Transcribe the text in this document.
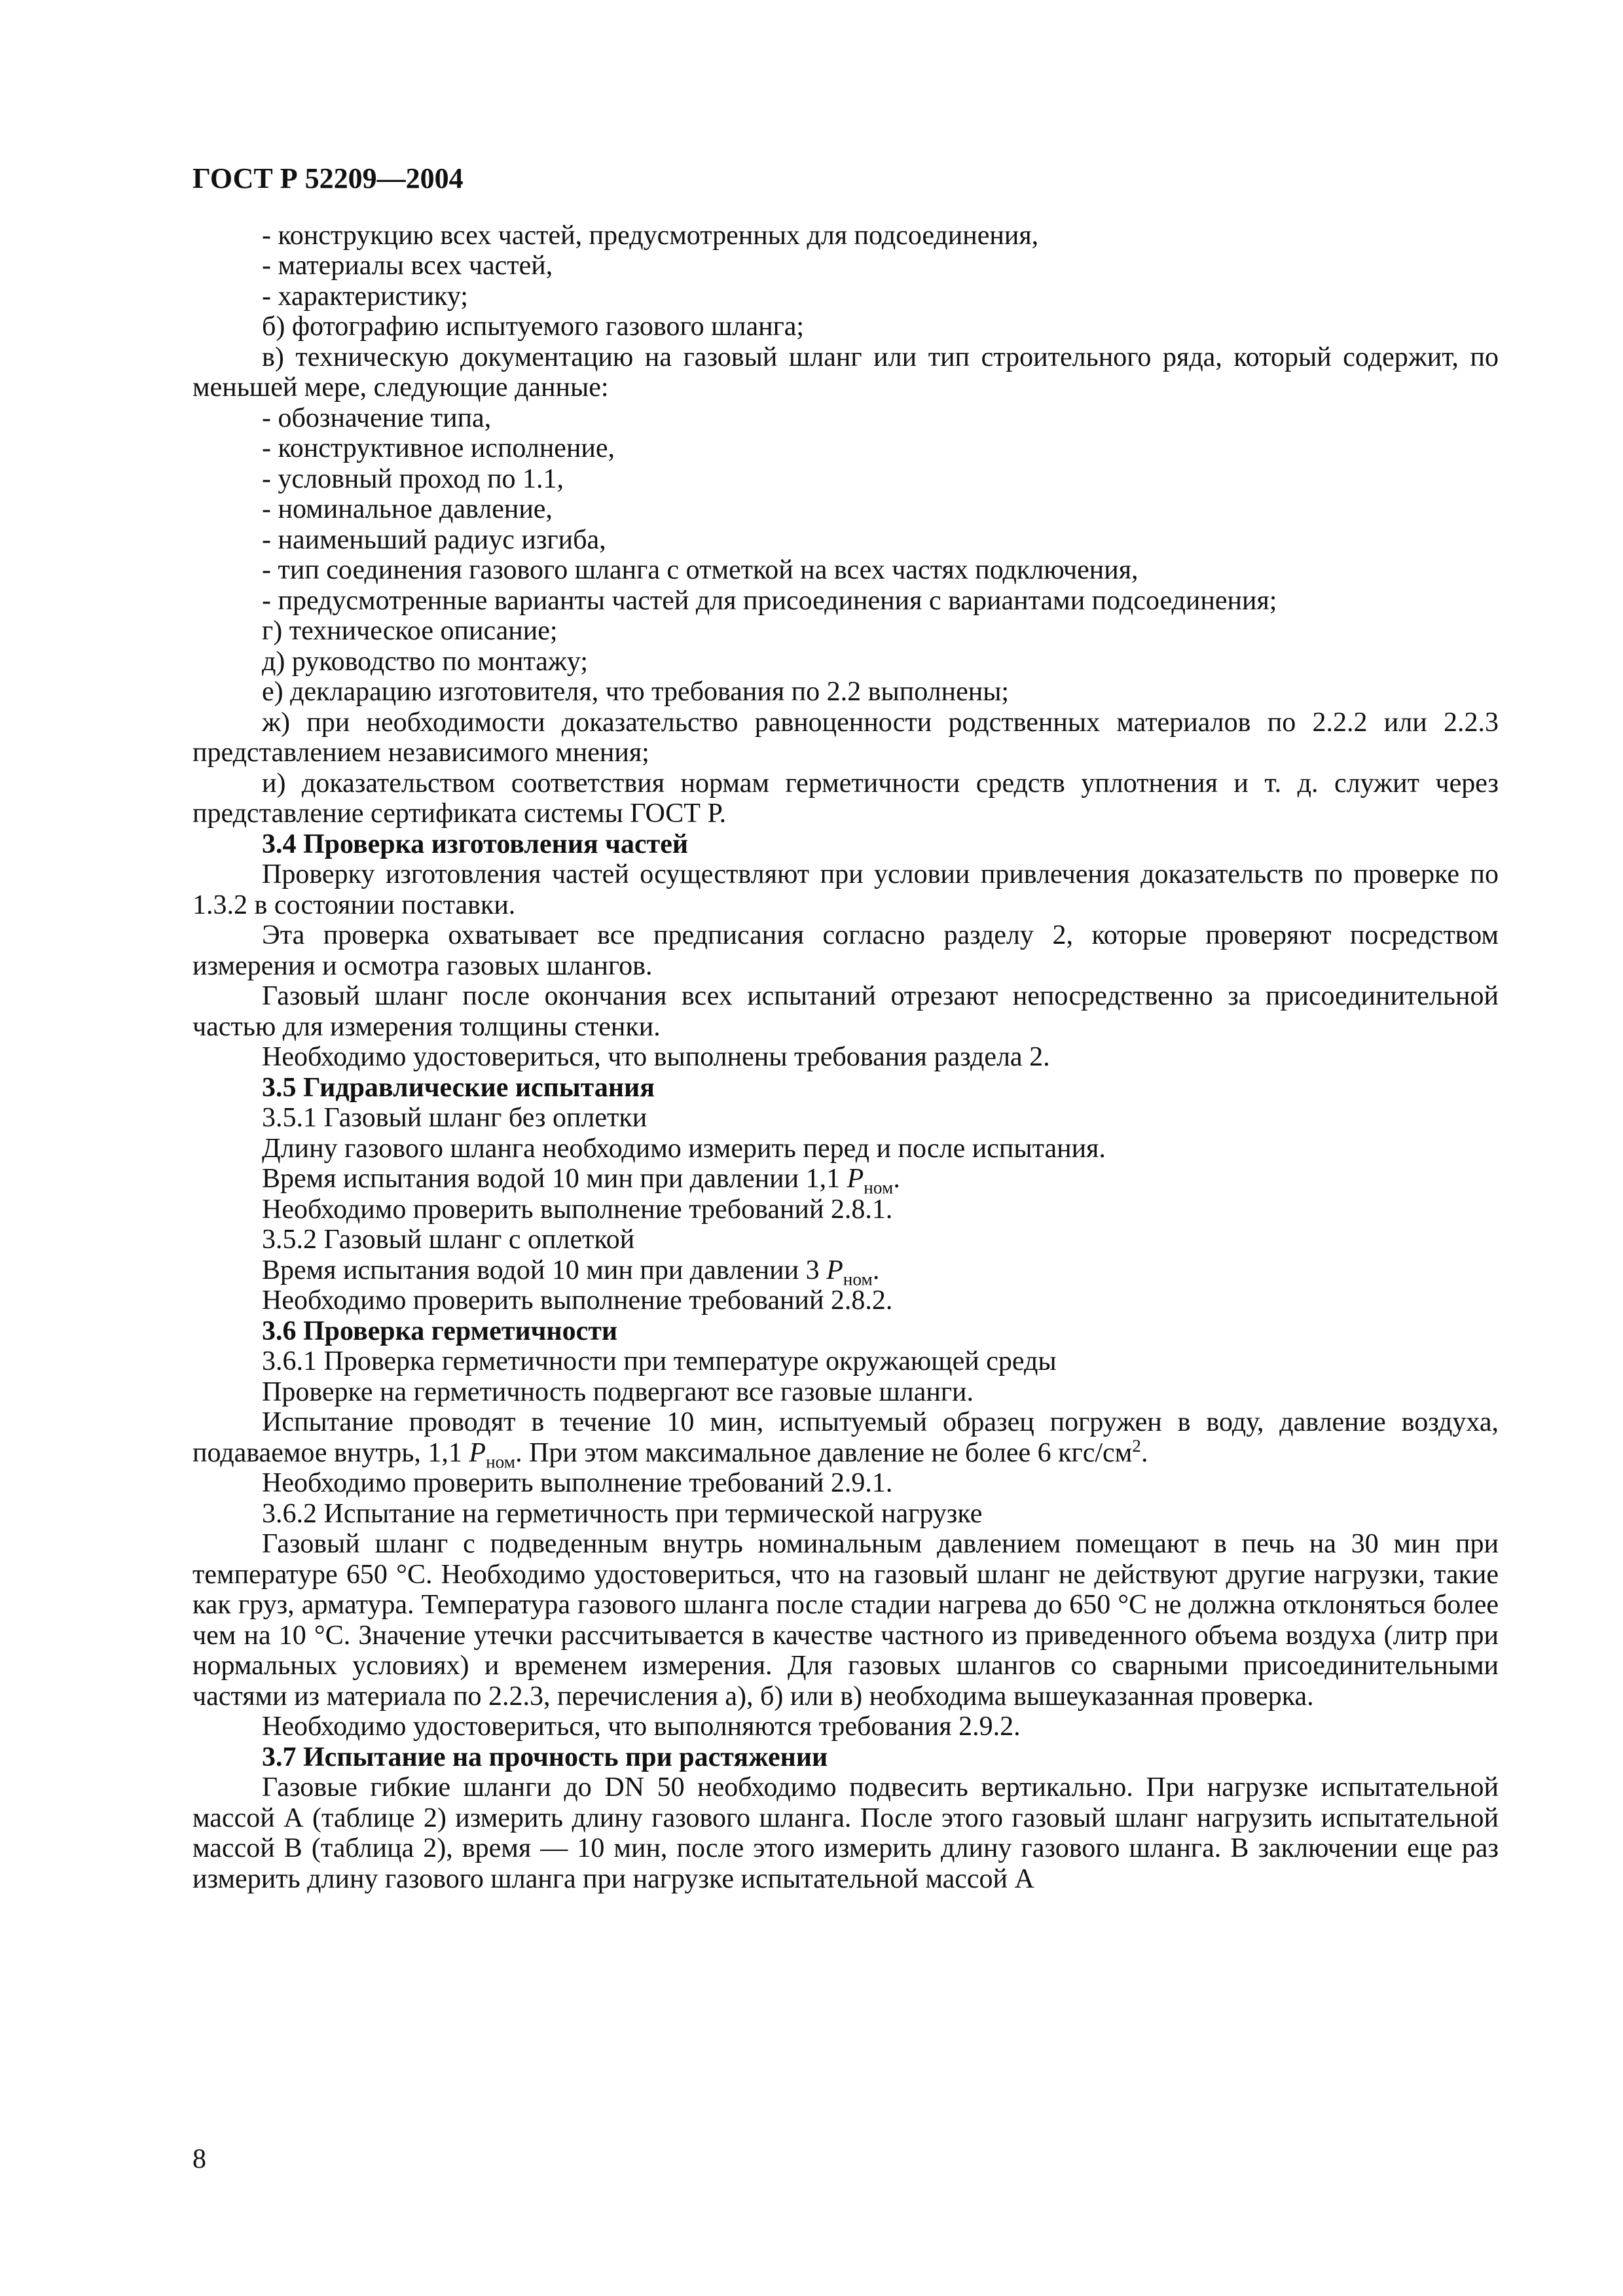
ГОСТ Р 52209—2004

- конструкцию всех частей, предусмотренных для подсоединения,

- материалы всех частей,

- характеристику;

б) фотографию испытуемого газового шланга;

в) техническую документацию на газовый шланг или тип строительного ряда, который содержит, по меньшей мере, следующие данные:

- обозначение типа,

- конструктивное исполнение,

- условный проход по 1.1,

- номинальное давление,

- наименьший радиус изгиба,

- тип соединения газового шланга с отметкой на всех частях подключения,

- предусмотренные варианты частей для присоединения с вариантами подсоединения;

г) техническое описание;

д) руководство по монтажу;

е) декларацию изготовителя, что требования по 2.2 выполнены;

ж) при необходимости доказательство равноценности родственных материалов по 2.2.2 или 2.2.3 представлением независимого мнения;

и) доказательством соответствия нормам герметичности средств уплотнения и т. д. служит через представление сертификата системы ГОСТ Р.

3.4 Проверка изготовления частей

Проверку изготовления частей осуществляют при условии привлечения доказательств по проверке по 1.3.2 в состоянии поставки.

Эта проверка охватывает все предписания согласно разделу 2, которые проверяют посредством измерения и осмотра газовых шлангов.

Газовый шланг после окончания всех испытаний отрезают непосредственно за присоединительной частью для измерения толщины стенки.

Необходимо удостовериться, что выполнены требования раздела 2.

3.5 Гидравлические испытания

3.5.1 Газовый шланг без оплетки

Длину газового шланга необходимо измерить перед и после испытания.

Время испытания водой 10 мин при давлении 1,1 $P_{ном}$.

Необходимо проверить выполнение требований 2.8.1.

3.5.2 Газовый шланг с оплеткой

Время испытания водой 10 мин при давлении 3 $P_{ном}$.

Необходимо проверить выполнение требований 2.8.2.

3.6 Проверка герметичности

3.6.1 Проверка герметичности при температуре окружающей среды

Проверке на герметичность подвергают все газовые шланги.

Испытание проводят в течение 10 мин, испытуемый образец погружен в воду, давление воздуха, подаваемое внутрь, 1,1 $P_{ном}$. При этом максимальное давление не более 6 кгс/$см^2$.

Необходимо проверить выполнение требований 2.9.1.

3.6.2 Испытание на герметичность при термической нагрузке

Газовый шланг с подведенным внутрь номинальным давлением помещают в печь на 30 мин при температуре 650 °С. Необходимо удостовериться, что на газовый шланг не действуют другие нагрузки, такие как груз, арматура. Температура газового шланга после стадии нагрева до 650 °С не должна отклоняться более чем на 10 °С. Значение утечки рассчитывается в качестве частного из приведенного объема воздуха (литр при нормальных условиях) и временем измерения. Для газовых шлангов со сварными присоединительными частями из материала по 2.2.3, перечисления а), б) или в) необходима вышеуказанная проверка.

Необходимо удостовериться, что выполняются требования 2.9.2.

3.7 Испытание на прочность при растяжении

Газовые гибкие шланги до DN 50 необходимо подвесить вертикально. При нагрузке испытательной массой А (таблице 2) измерить длину газового шланга. После этого газовый шланг нагрузить испытательной массой В (таблица 2), время — 10 мин, после этого измерить длину газового шланга. В заключении еще раз измерить длину газового шланга при нагрузке испытательной массой А

8
